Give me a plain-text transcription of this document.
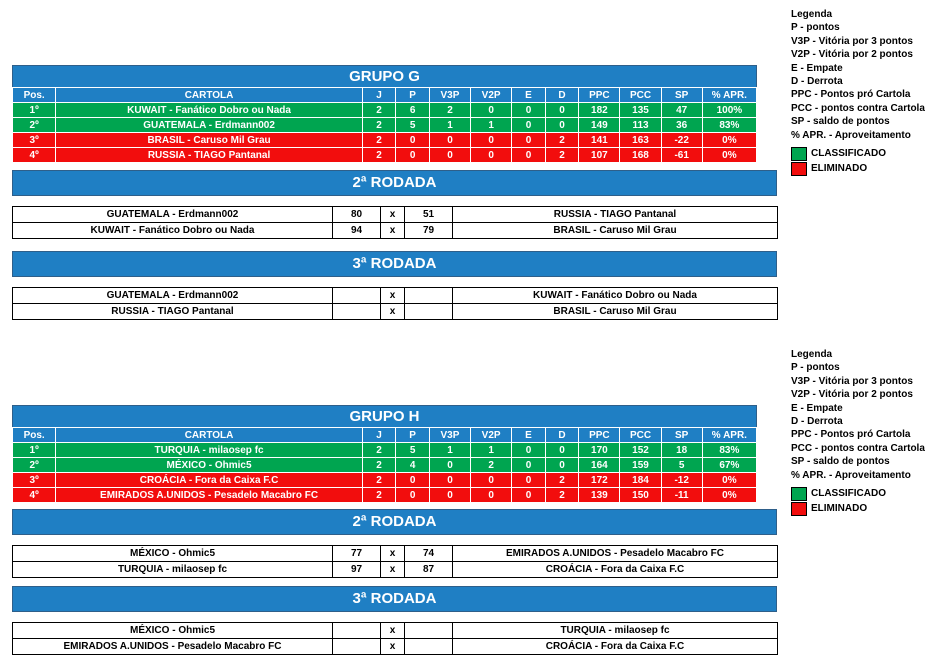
GRUPO G
Pos.	CARTOLA	J	P	V3P	V2P	E	D	PPC	PCC	SP	% APR.
1º	KUWAIT - Fanático Dobro ou Nada	2	6	2	0	0	0	182	135	47	100%
2º	GUATEMALA - Erdmann002	2	5	1	1	0	0	149	113	36	83%
3º	BRASIL - Caruso Mil Grau	2	0	0	0	0	2	141	163	-22	0%
4º	RUSSIA - TIAGO Pantanal	2	0	0	0	0	2	107	168	-61	0%
2ª RODADA
GUATEMALA - Erdmann002	80	x	51	RUSSIA - TIAGO Pantanal
KUWAIT - Fanático Dobro ou Nada	94	x	79	BRASIL - Caruso Mil Grau
3ª RODADA
GUATEMALA - Erdmann002		x		KUWAIT - Fanático Dobro ou Nada
RUSSIA - TIAGO Pantanal		x		BRASIL - Caruso Mil Grau
GRUPO H
Pos.	CARTOLA	J	P	V3P	V2P	E	D	PPC	PCC	SP	% APR.
1º	TURQUIA - milaosep fc	2	5	1	1	0	0	170	152	18	83%
2º	MÉXICO - Ohmic5	2	4	0	2	0	0	164	159	5	67%
3º	CROÁCIA - Fora da Caixa F.C	2	0	0	0	0	2	172	184	-12	0%
4º	EMIRADOS A.UNIDOS - Pesadelo Macabro FC	2	0	0	0	0	2	139	150	-11	0%
2ª RODADA
MÉXICO - Ohmic5	77	x	74	EMIRADOS A.UNIDOS - Pesadelo Macabro FC
TURQUIA - milaosep fc	97	x	87	CROÁCIA - Fora da Caixa F.C
3ª RODADA
MÉXICO - Ohmic5		x		TURQUIA - milaosep fc
EMIRADOS A.UNIDOS - Pesadelo Macabro FC		x		CROÁCIA - Fora da Caixa F.C
Legenda
P - pontos
V3P - Vitória por 3 pontos
V2P - Vitória por 2 pontos
E - Empate
D - Derrota
PPC - Pontos pró Cartola
PCC - pontos contra Cartola
SP - saldo de pontos
% APR. - Aproveitamento
CLASSIFICADO
ELIMINADO
Legenda
P - pontos
V3P - Vitória por 3 pontos
V2P - Vitória por 2 pontos
E - Empate
D - Derrota
PPC - Pontos pró Cartola
PCC - pontos contra Cartola
SP - saldo de pontos
% APR. - Aproveitamento
CLASSIFICADO
ELIMINADO
